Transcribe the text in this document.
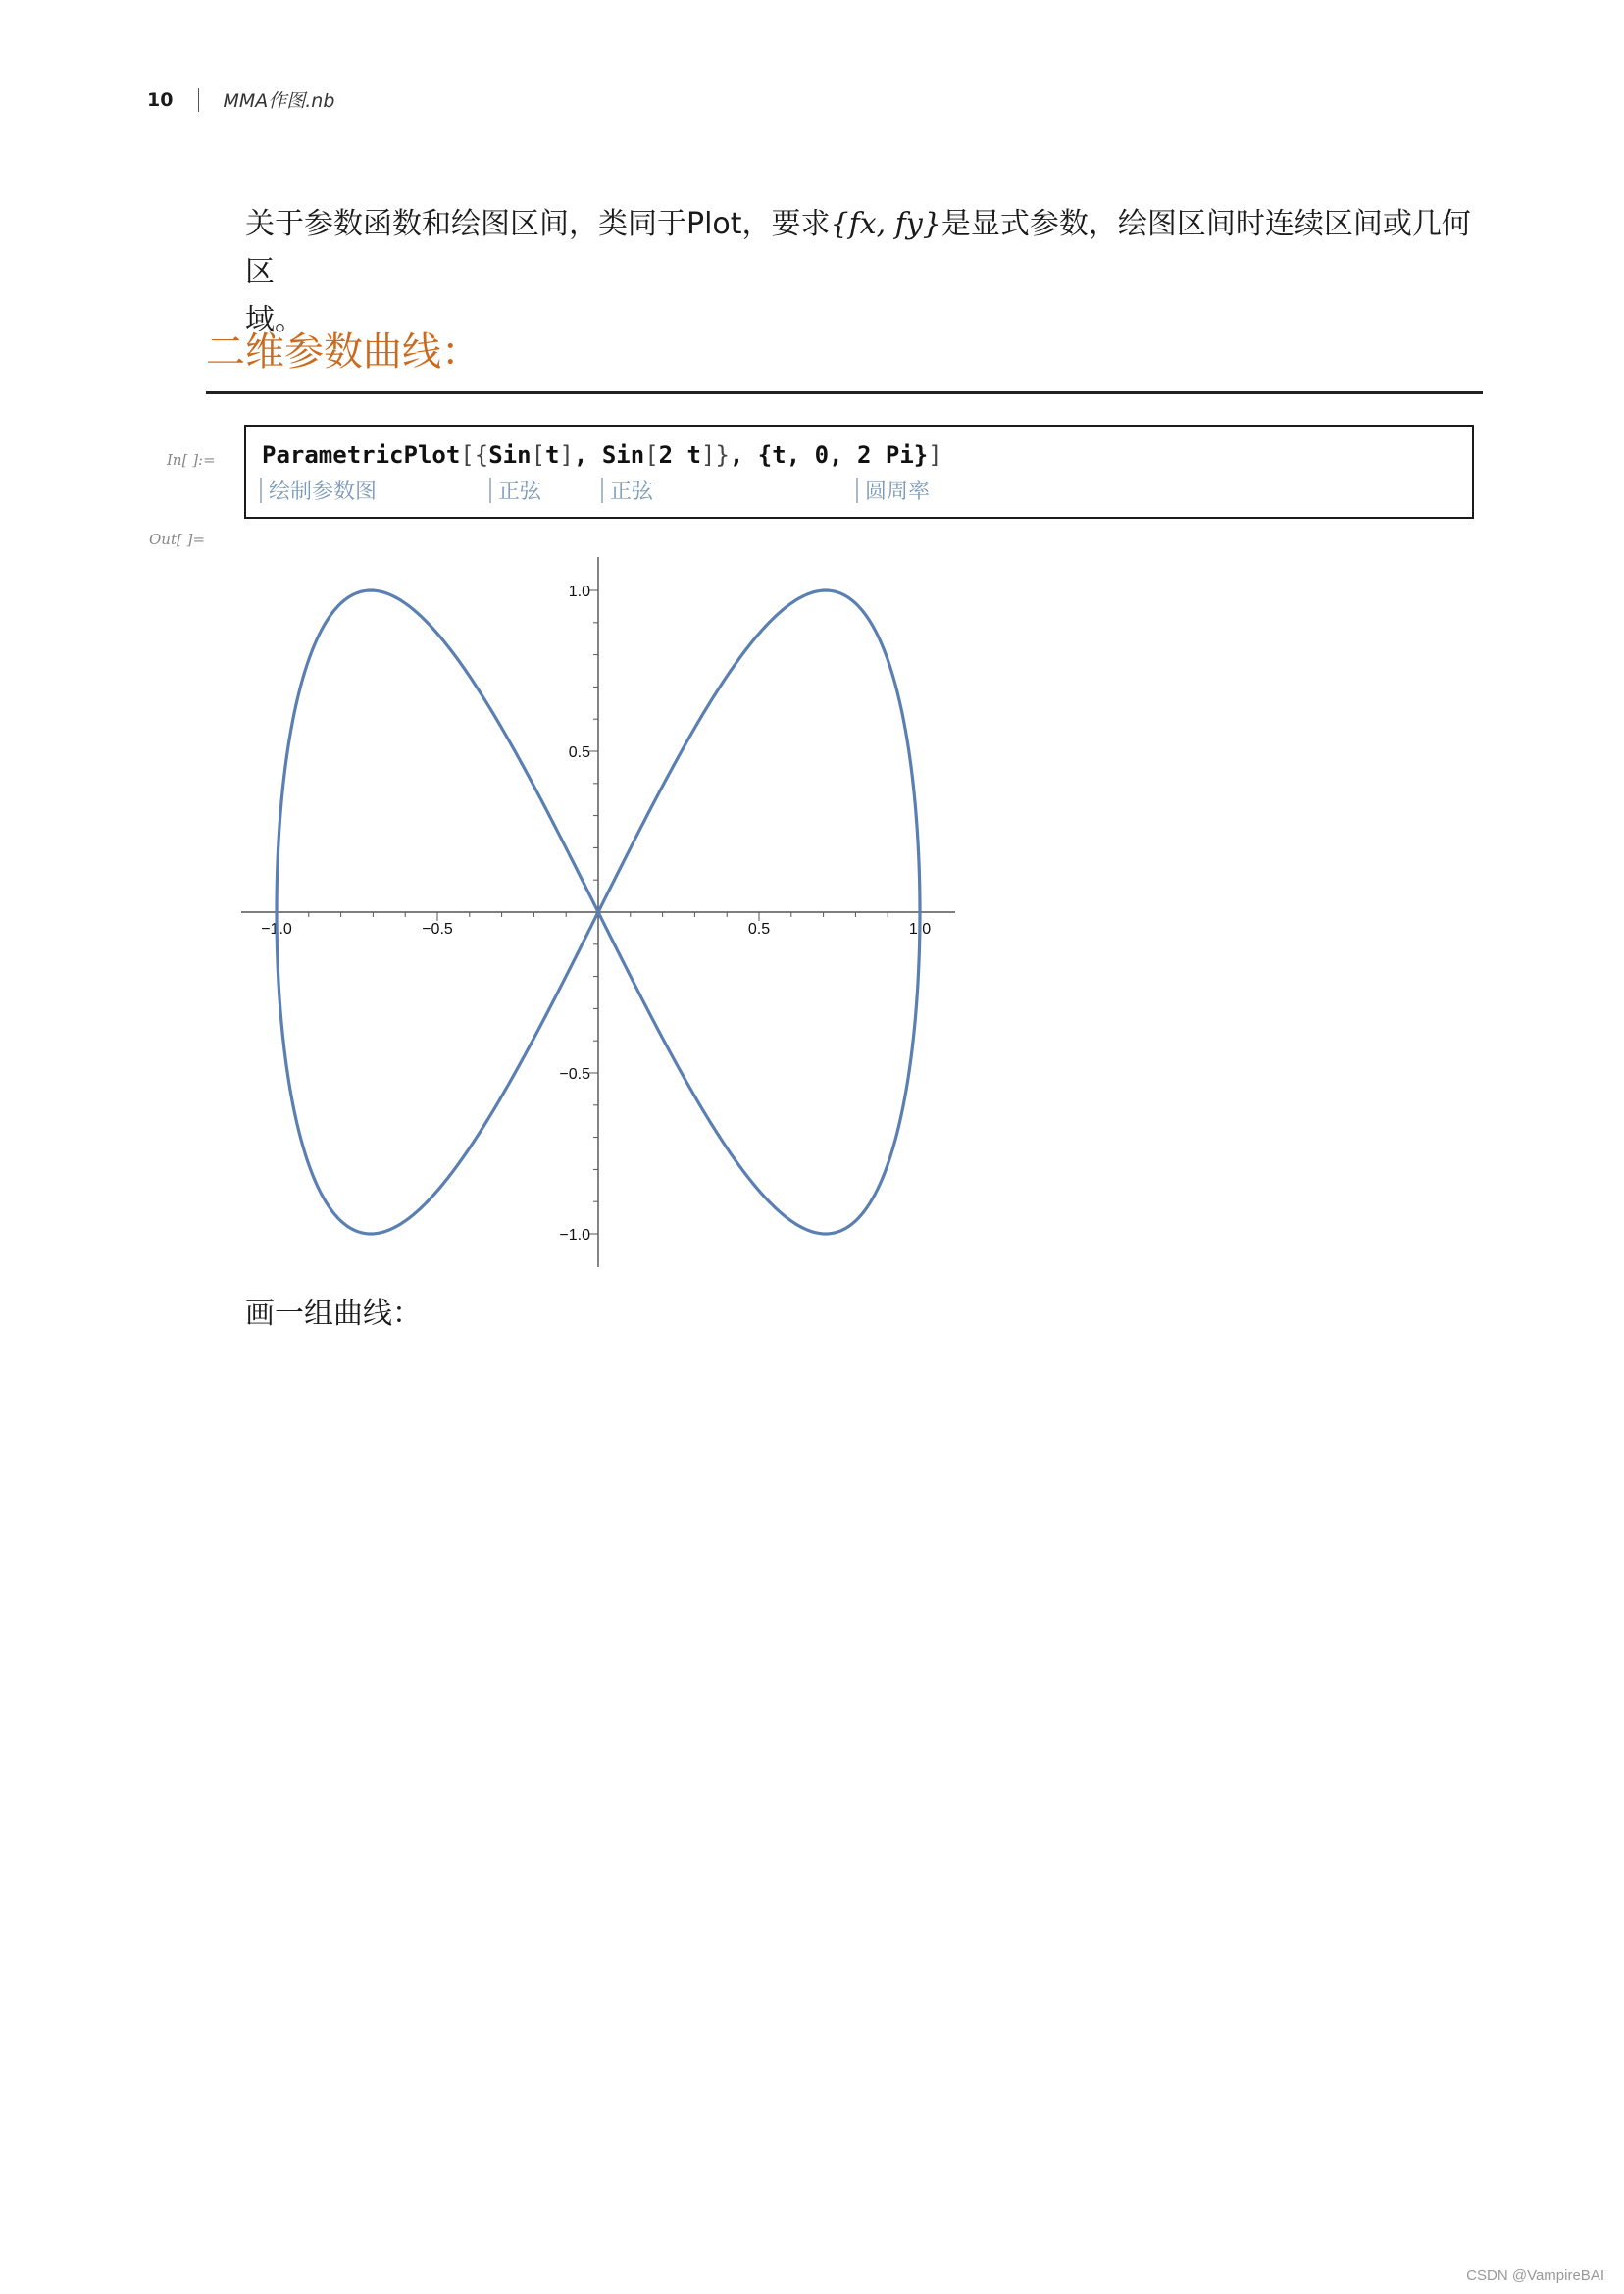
10	MMA作图.nb
关于参数函数和绘图区间，类同于Plot，要求{fx, fy}是显式参数，绘图区间时连续区间或几何区
域。
二维参数曲线：
In[ ]:=
Out[ ]=
ParametricPlot[{Sin[t], Sin[2 t]}, {t, 0, 2 Pi}]
绘制参数图	正弦	正弦	圆周率
−1.0	−0.5	0.5	1.0
−1.0
−0.5
0.5
1.0
画一组曲线：
CSDN @VampireBAI
